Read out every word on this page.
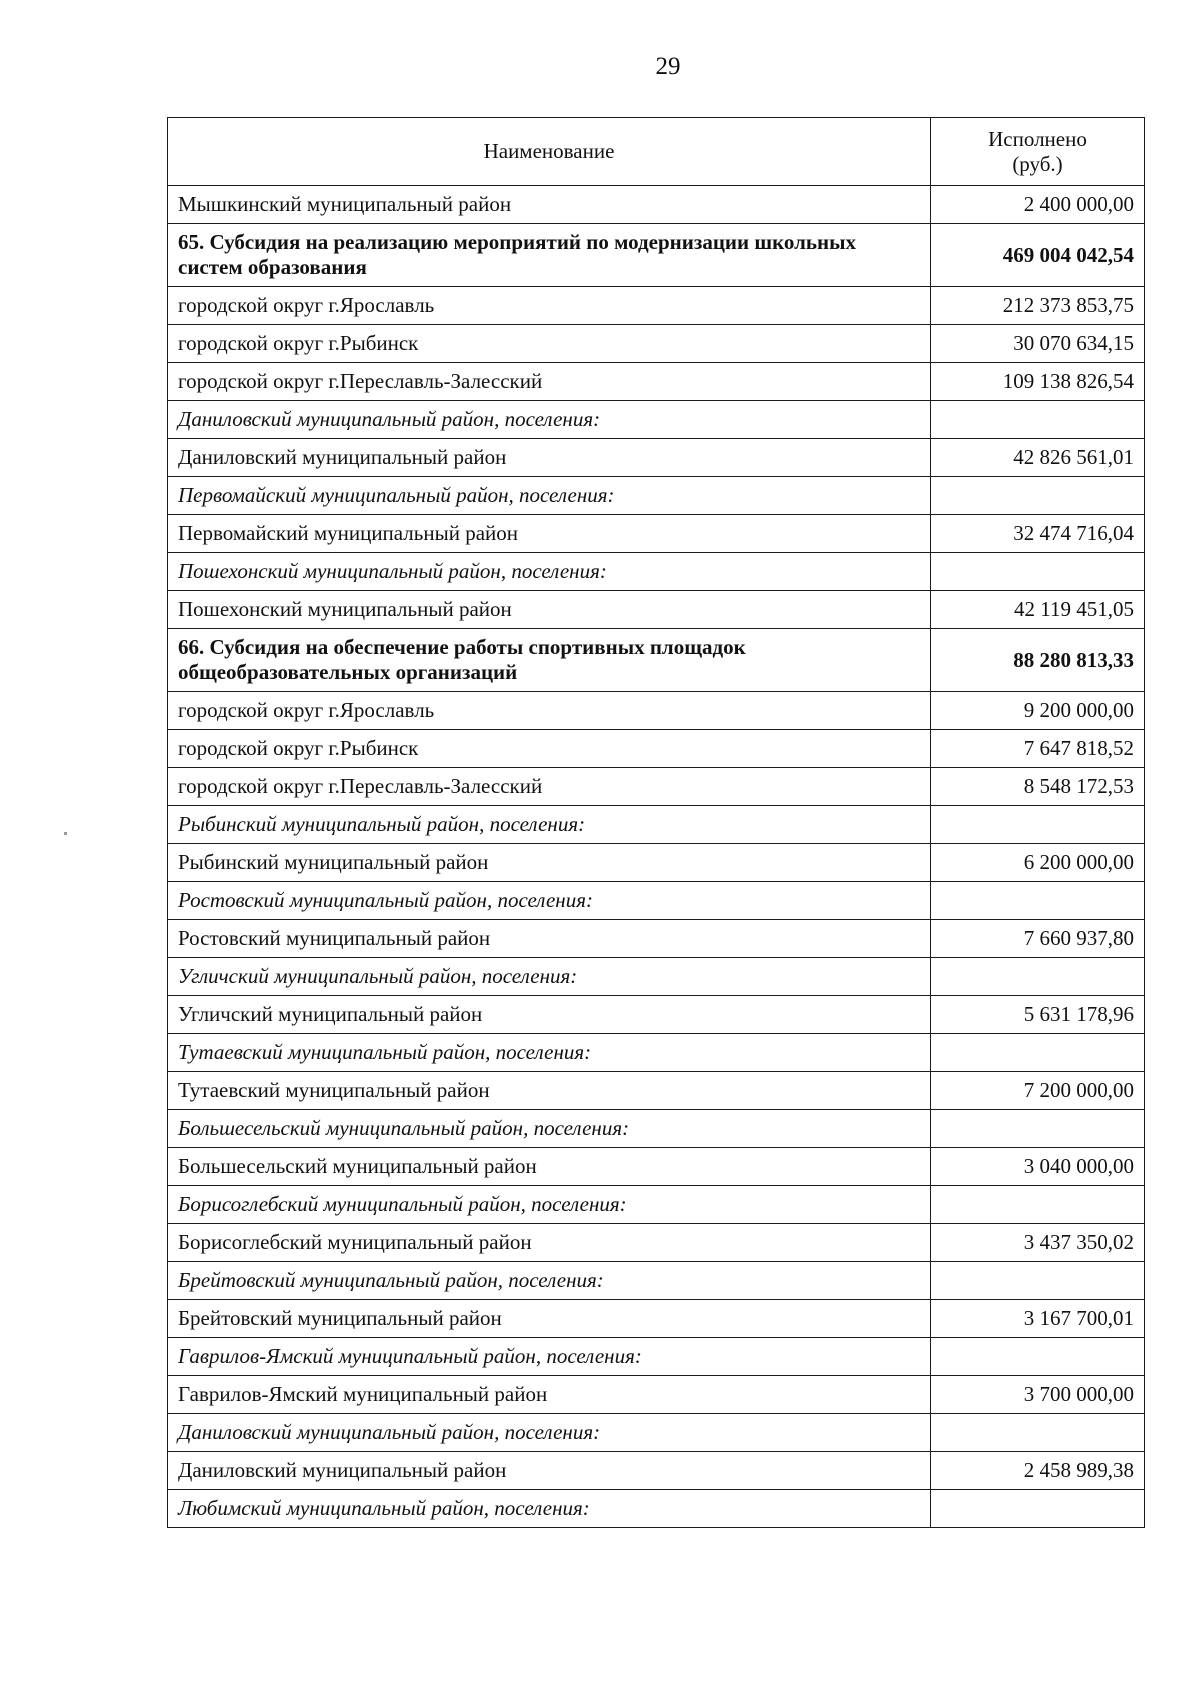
29
Наименование	Исполнено
(руб.)
Мышкинский муниципальный район	2 400 000,00
65. Субсидия на реализацию мероприятий по модернизации школьных систем образования	469 004 042,54
городской округ г.Ярославль	212 373 853,75
городской округ г.Рыбинск	30 070 634,15
городской округ г.Переславль-Залесский	109 138 826,54
Даниловский муниципальный район, поселения:	
Даниловский муниципальный район	42 826 561,01
Первомайский муниципальный район, поселения:	
Первомайский муниципальный район	32 474 716,04
Пошехонский муниципальный район, поселения:	
Пошехонский муниципальный район	42 119 451,05
66. Субсидия на обеспечение работы спортивных площадок общеобразовательных организаций	88 280 813,33
городской округ г.Ярославль	9 200 000,00
городской округ г.Рыбинск	7 647 818,52
городской округ г.Переславль-Залесский	8 548 172,53
Рыбинский муниципальный район, поселения:	
Рыбинский муниципальный район	6 200 000,00
Ростовский муниципальный район, поселения:	
Ростовский муниципальный район	7 660 937,80
Угличский муниципальный район, поселения:	
Угличский муниципальный район	5 631 178,96
Тутаевский муниципальный район, поселения:	
Тутаевский муниципальный район	7 200 000,00
Большесельский муниципальный район, поселения:	
Большесельский муниципальный район	3 040 000,00
Борисоглебский муниципальный район, поселения:	
Борисоглебский муниципальный район	3 437 350,02
Брейтовский муниципальный район, поселения:	
Брейтовский муниципальный район	3 167 700,01
Гаврилов-Ямский муниципальный район, поселения:	
Гаврилов-Ямский муниципальный район	3 700 000,00
Даниловский муниципальный район, поселения:	
Даниловский муниципальный район	2 458 989,38
Любимский муниципальный район, поселения:	
